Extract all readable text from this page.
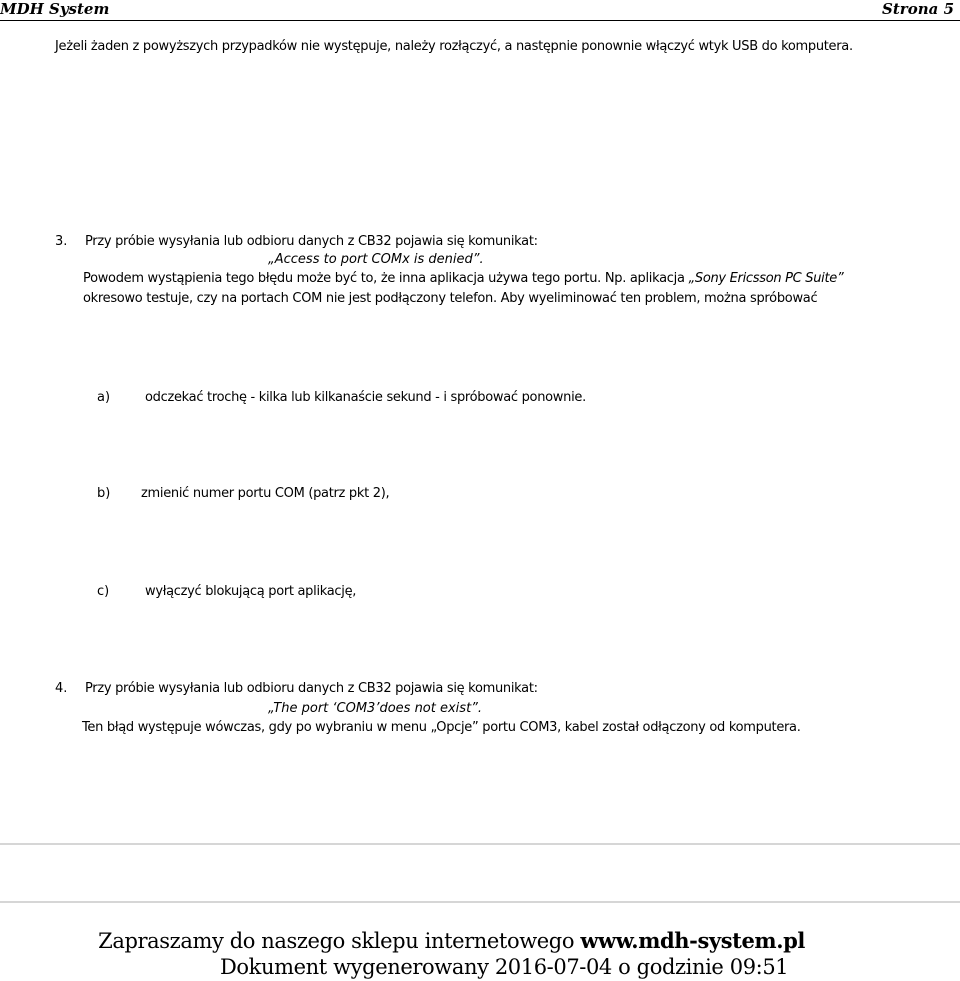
MDH System	Strona 5
Jeżeli żaden z powyższych przypadków nie występuje, należy rozłączyć, a następnie ponownie włączyć wtyk USB do komputera.
3. Przy próbie wysyłania lub odbioru danych z CB32 pojawia się komunikat:
„Access to port COMx is denied”.
Powodem wystąpienia tego błędu może być to, że inna aplikacja używa tego portu. Np. aplikacja „Sony Ericsson PC Suite”
okresowo testuje, czy na portach COM nie jest podłączony telefon. Aby wyeliminować ten problem, można spróbować
a)	odczekać trochę - kilka lub kilkanaście sekund - i spróbować ponownie.
b) zmienić numer portu COM (patrz pkt 2),
c)	wyłączyć blokującą port aplikację,
4. Przy próbie wysyłania lub odbioru danych z CB32 pojawia się komunikat:
„The port ‘COM3’does not exist”.
Ten błąd występuje wówczas, gdy po wybraniu w menu „Opcje” portu COM3, kabel został odłączony od komputera.
Zapraszamy do naszego sklepu internetowego www.mdh-system.pl
Dokument wygenerowany 2016-07-04 o godzinie 09:51
